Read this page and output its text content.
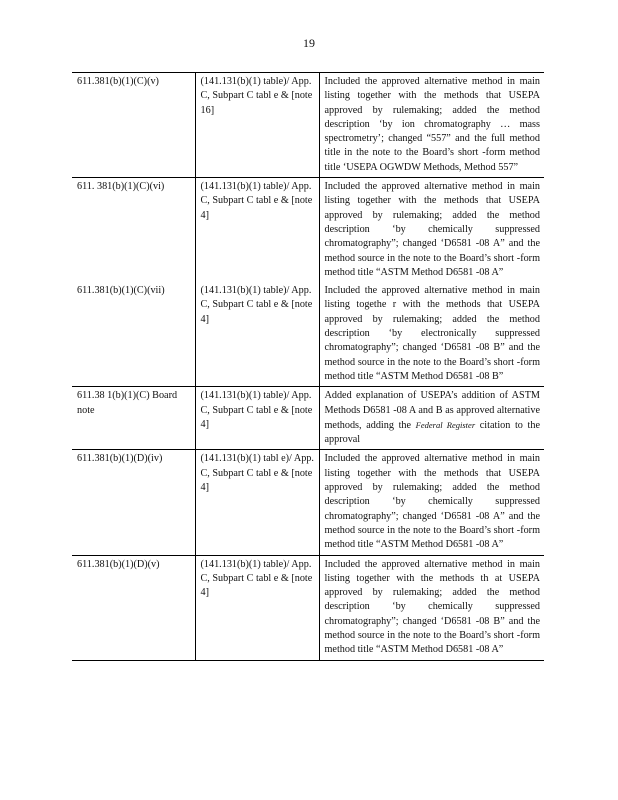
19
611.381(b)(1)(C)(v)	(141.131(b)(1) table)/ App. C, Subpart C tabl e & [note 16]	Included the approved alternative method in main listing together with the methods that USEPA approved by rulemaking; added the method description ‘by ion chromatography … mass spectrometry’; changed “557” and the full method title in the note to the Board’s short -form method title ‘USEPA OGWDW Methods, Method 557”
611. 381(b)(1)(C)(vi)	(141.131(b)(1) table)/ App. C, Subpart C tabl e & [note 4]	Included the approved alternative method in main listing together with the methods that USEPA approved by rulemaking; added the method description ‘by chemically suppressed chromatography”; changed ‘D6581 -08 A” and the method source in the note to the Board’s short -form method title “ASTM Method D6581 -08 A”
611.381(b)(1)(C)(vii)	(141.131(b)(1) table)/ App. C, Subpart C tabl e & [note 4]	Included the approved alternative method in main listing togethe r with the methods that USEPA approved by rulemaking; added the method description ‘by electronically suppressed chromatography”; changed ‘D6581 -08 B” and the method source in the note to the Board’s short -form method title “ASTM Method D6581 -08 B”
611.38 1(b)(1)(C) Board note	(141.131(b)(1) table)/ App. C, Subpart C tabl e & [note 4]	Added explanation of USEPA’s addition of ASTM Methods D6581 -08 A and B as approved alternative methods, adding the Federal Register citation to the approval
611.381(b)(1)(D)(iv)	(141.131(b)(1) tabl e)/ App. C, Subpart C tabl e & [note 4]	Included the approved alternative method in main listing together with the methods that USEPA approved by rulemaking; added the method description ‘by chemically suppressed chromatography”; changed ‘D6581 -08 A” and the method source in the note to the Board’s short -form method title “ASTM Method D6581 -08 A”
611.381(b)(1)(D)(v)	(141.131(b)(1) table)/ App. C, Subpart C tabl e & [note 4]	Included the approved alternative method in main listing together with the methods th at USEPA approved by rulemaking; added the method description ‘by chemically suppressed chromatography”; changed ‘D6581 -08 B” and the method source in the note to the Board’s short -form method title “ASTM Method D6581 -08 A”
